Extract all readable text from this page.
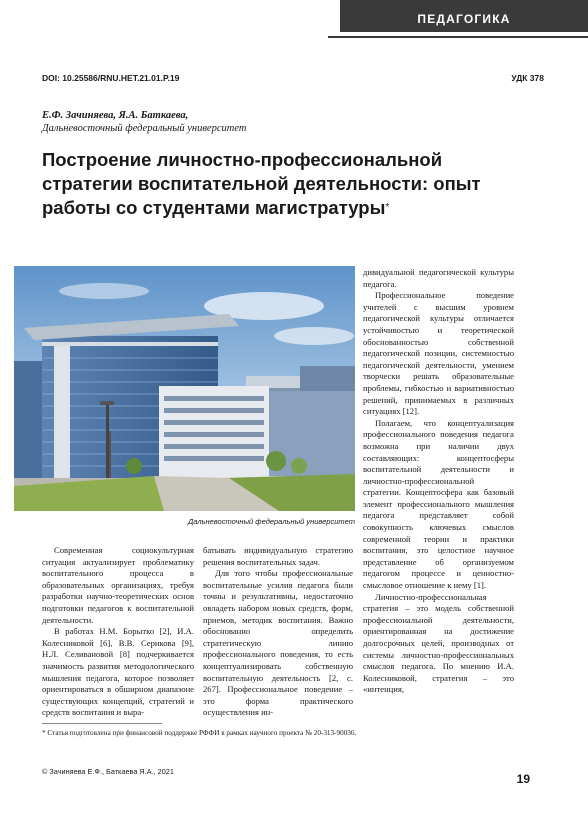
ПЕДАГОГИКА
DOI: 10.25586/RNU.HET.21.01.P.19	УДК 378
Е.Ф. Зачиняева, Я.А. Баткаева,
Дальневосточный федеральный университет
Построение личностно-профессиональной стратегии воспитательной деятельности: опыт работы со студентами магистратуры*
Дальневосточный федеральный университет

Современная социокультурная ситуация актуализирует проблематику воспитательного процесса в образовательных организациях, требуя разработки научно-теоретических основ подготовки педагогов к воспитательной деятельности.

В работах Н.М. Борытко [2], И.А. Колесниковой [6], В.В. Сериковa [9], Н.Л. Селивановой [8] подчеркивается значимость развития методологического мышления педагога, которое позволяет ориентироваться в обширном диапазоне существующих концепций, стратегий и средств воспитания и выра-

батывать индивидуальную стратегию решения воспитательных задач.

Для того чтобы профессиональные воспитательные усилия педагога были точны и результативны, недостаточно овладеть набором новых средств, форм, приемов, методик воспитания. Важно обоснованно определить стратегическую линию профессионального поведения, то есть концептуализировать собственную воспитательную деятельность [2, с. 267]. Профессиональное поведение – это форма практического осуществления ин-

дивидуальной педагогической культуры педагога.

Профессиональное поведение учителей с высшим уровнем педагогической культуры отличается устойчивостью и теоретической обоснованностью собственной педагогической позиции, системностью педагогической деятельности, умением творчески решать образовательные проблемы, гибкостью и вариативностью решений, принимаемых в различных ситуациях [12].

Полагаем, что концептуализация профессионального поведения педагога возможна при наличии двух составляющих: концептосферы воспитательной деятельности и личностно-профессиональной стратегии. Концептосфера как базовый элемент профессионального мышления педагога представляет собой совокупность ключевых смыслов современной теории и практики воспитания, это целостное научное представление об организуемом педагогом процессе и ценностно-смысловое отношение к нему [1].

Личностно-профессиональная стратегия – это модель собственной профессиональной деятельности, ориентированная на достижение долгосрочных целей, производных от системы личностно-профессиональных смыслов педагога. По мнению И.А. Колесниковой, стратегия – это «интенция,

* Статья подготовлена при финансовой поддержке РФФИ в рамках научного проекта № 20-313-90036.
© Зачиняева Е.Ф., Баткаева Я.А., 2021
19
